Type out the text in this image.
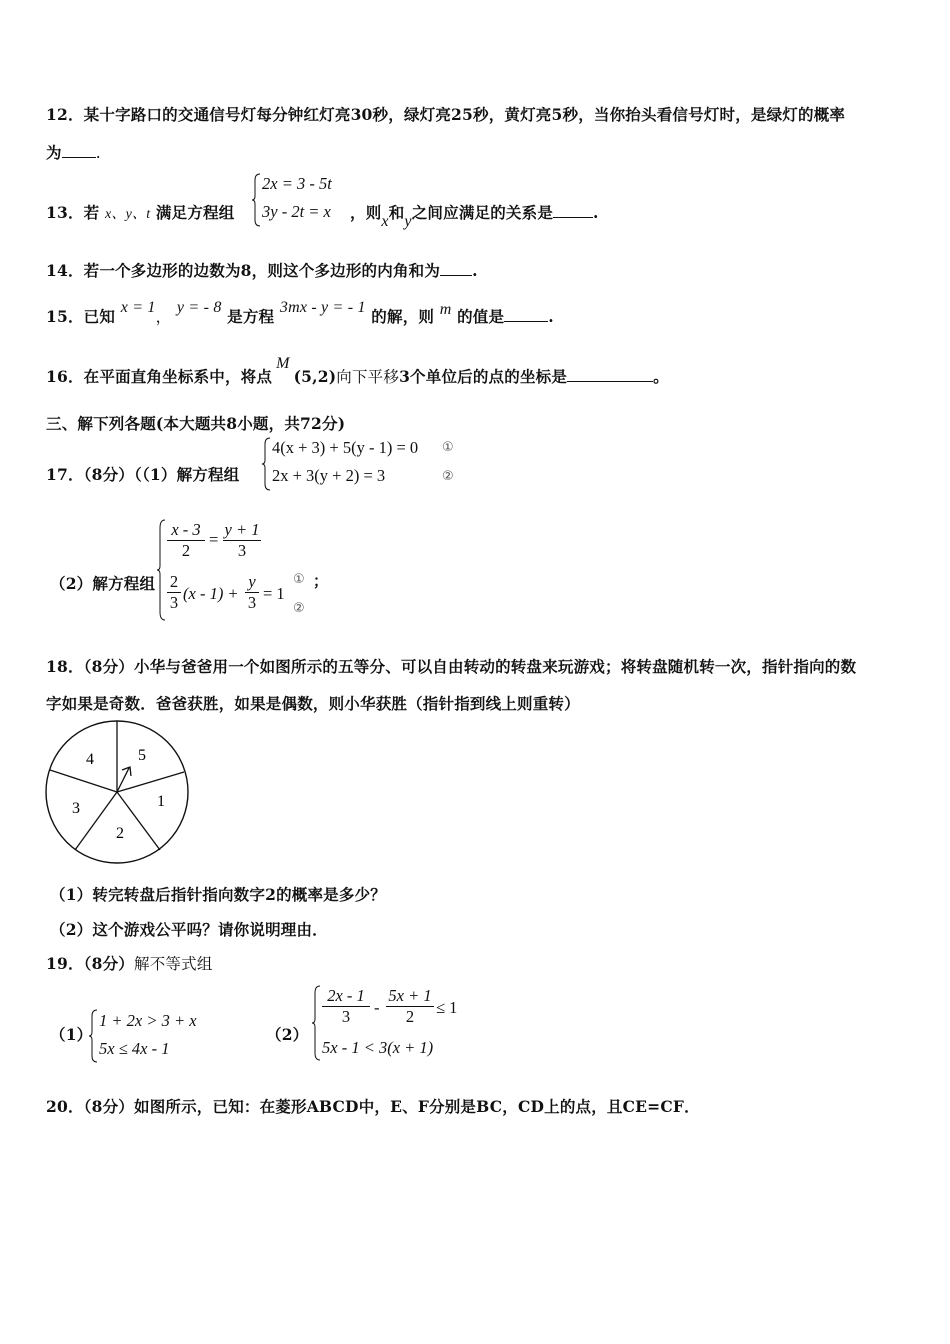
12．某十字路口的交通信号灯每分钟红灯亮30秒，绿灯亮25秒，黄灯亮5秒，当你抬头看信号灯时，是绿灯的概率
为 .
13．若 x、y、t 满足方程组
2x = 3 - 5t
3y - 2t = x ，则x和y之间应满足的关系是	.
14．若一个多边形的边数为8，则这个多边形的内角和为 .
15．已知 x = 1， y = - 8 是方程 3mx - y = - 1 的解，则 m 的值是	.
16．在平面直角坐标系中，将点M(5,2)向下平移3个单位后的点的坐标是	。
三、解下列各题(本大题共8小题，共72分)
17．（8分）（（1）解方程组
4(x + 3) + 5(y - 1) = 0
2x + 3(y + 2) = 3
①
②
（2）解方程组
$\frac{x - 3}{2} = \frac{y + 1}{3}$
$\frac{2}{3} (x - 1) + \frac{y}{3} = 1$
①
②
；
18．（8分）小华与爸爸用一个如图所示的五等分、可以自由转动的转盘来玩游戏；将转盘随机转一次，指针指向的数
字如果是奇数．爸爸获胜，如果是偶数，则小华获胜（指针指到线上则重转）
4	5
1
2
3
（1）转完转盘后指针指向数字2的概率是多少？
（2）这个游戏公平吗？请你说明理由．
19．（8分）解不等式组
（1）
1 + 2x > 3 + x
5x ≤ 4x - 1
（2）
$\frac{2x - 1}{3} - \frac{5x + 1}{2} \le 1$
5x - 1 < 3(x + 1)
20．（8分）如图所示，已知：在菱形ABCD中，E、F分别是BC，CD上的点，且CE=CF．
